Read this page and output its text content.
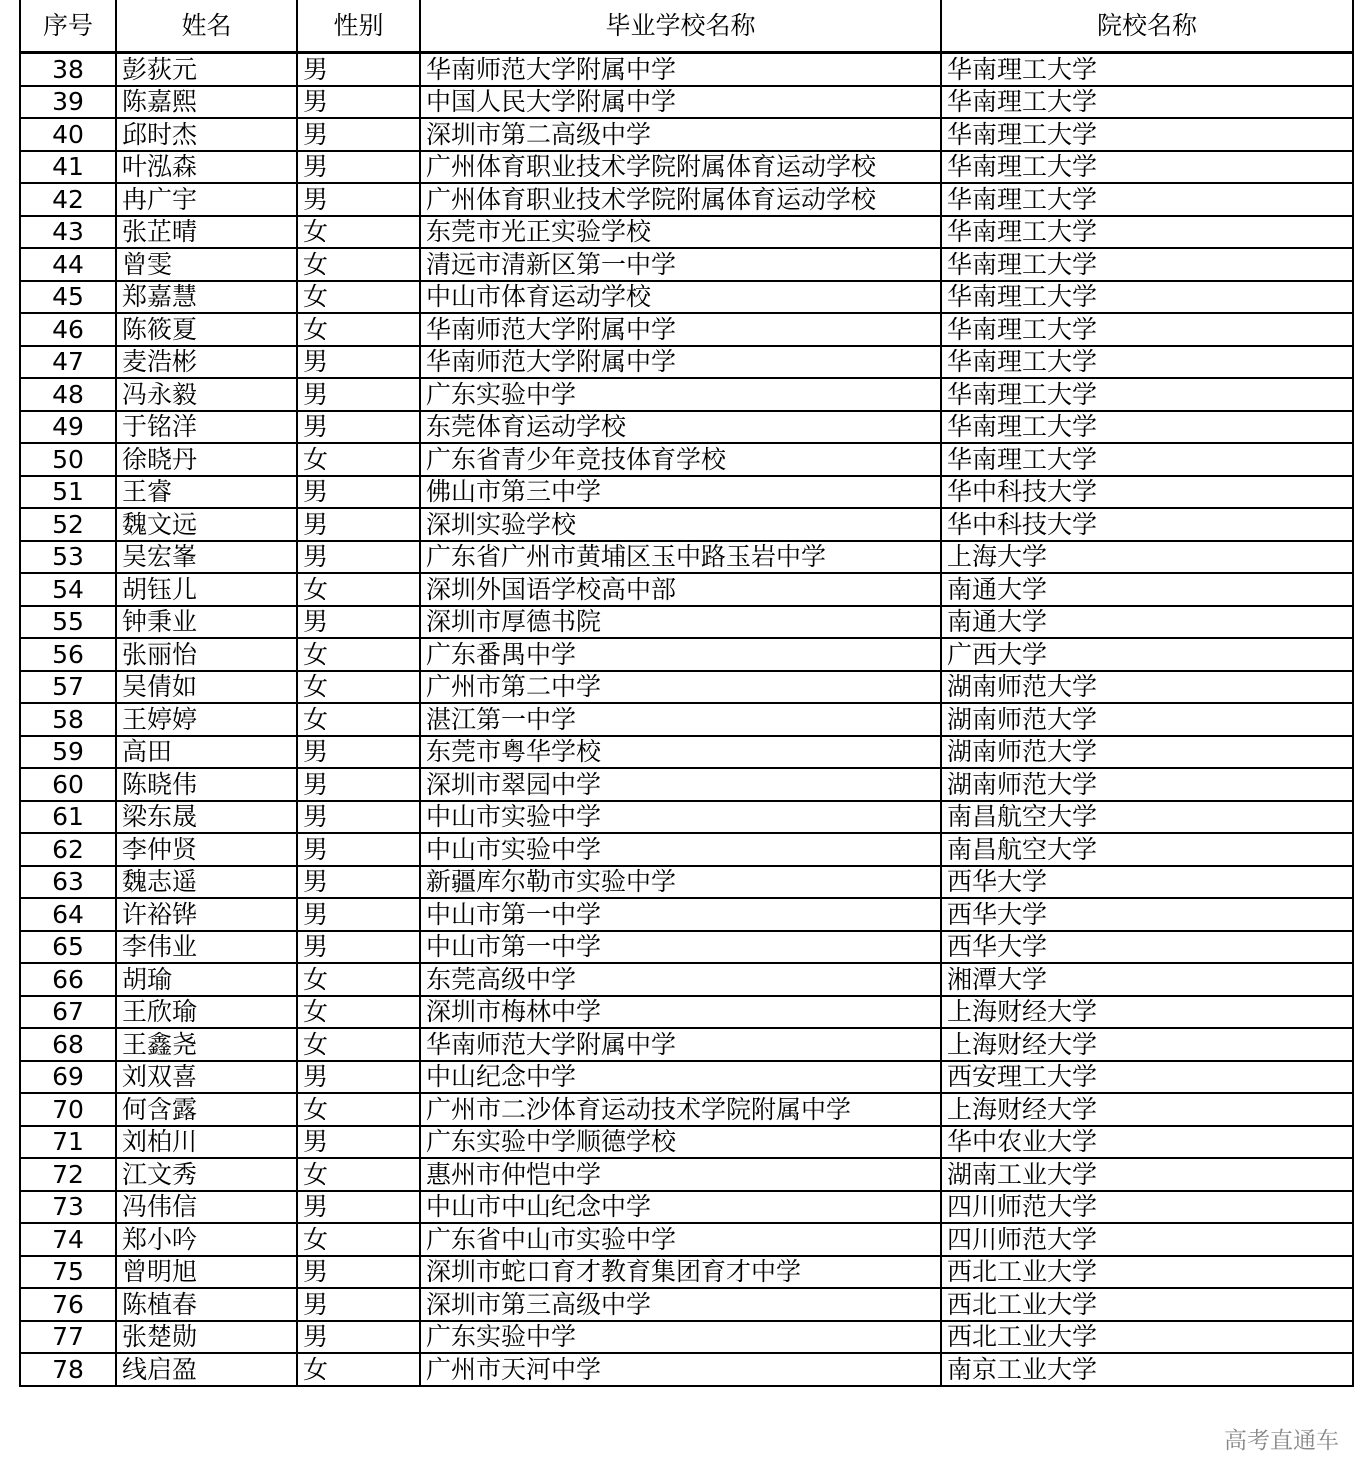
序号	姓名	性别	毕业学校名称	院校名称
38	彭荻元	男	华南师范大学附属中学	华南理工大学
39	陈嘉熙	男	中国人民大学附属中学	华南理工大学
40	邱时杰	男	深圳市第二高级中学	华南理工大学
41	叶泓森	男	广州体育职业技术学院附属体育运动学校	华南理工大学
42	冉广宇	男	广州体育职业技术学院附属体育运动学校	华南理工大学
43	张芷晴	女	东莞市光正实验学校	华南理工大学
44	曾雯	女	清远市清新区第一中学	华南理工大学
45	郑嘉慧	女	中山市体育运动学校	华南理工大学
46	陈筱夏	女	华南师范大学附属中学	华南理工大学
47	麦浩彬	男	华南师范大学附属中学	华南理工大学
48	冯永毅	男	广东实验中学	华南理工大学
49	于铭洋	男	东莞体育运动学校	华南理工大学
50	徐晓丹	女	广东省青少年竞技体育学校	华南理工大学
51	王睿	男	佛山市第三中学	华中科技大学
52	魏文远	男	深圳实验学校	华中科技大学
53	吴宏峯	男	广东省广州市黄埔区玉中路玉岩中学	上海大学
54	胡钰儿	女	深圳外国语学校高中部	南通大学
55	钟秉业	男	深圳市厚德书院	南通大学
56	张丽怡	女	广东番禺中学	广西大学
57	吴倩如	女	广州市第二中学	湖南师范大学
58	王婷婷	女	湛江第一中学	湖南师范大学
59	高田	男	东莞市粤华学校	湖南师范大学
60	陈晓伟	男	深圳市翠园中学	湖南师范大学
61	梁东晟	男	中山市实验中学	南昌航空大学
62	李仲贤	男	中山市实验中学	南昌航空大学
63	魏志遥	男	新疆库尔勒市实验中学	西华大学
64	许裕铧	男	中山市第一中学	西华大学
65	李伟业	男	中山市第一中学	西华大学
66	胡瑜	女	东莞高级中学	湘潭大学
67	王欣瑜	女	深圳市梅林中学	上海财经大学
68	王鑫尧	女	华南师范大学附属中学	上海财经大学
69	刘双喜	男	中山纪念中学	西安理工大学
70	何含露	女	广州市二沙体育运动技术学院附属中学	上海财经大学
71	刘柏川	男	广东实验中学顺德学校	华中农业大学
72	江文秀	女	惠州市仲恺中学	湖南工业大学
73	冯伟信	男	中山市中山纪念中学	四川师范大学
74	郑小吟	女	广东省中山市实验中学	四川师范大学
75	曾明旭	男	深圳市蛇口育才教育集团育才中学	西北工业大学
76	陈植春	男	深圳市第三高级中学	西北工业大学
77	张楚勋	男	广东实验中学	西北工业大学
78	线启盈	女	广州市天河中学	南京工业大学
高考直通车
